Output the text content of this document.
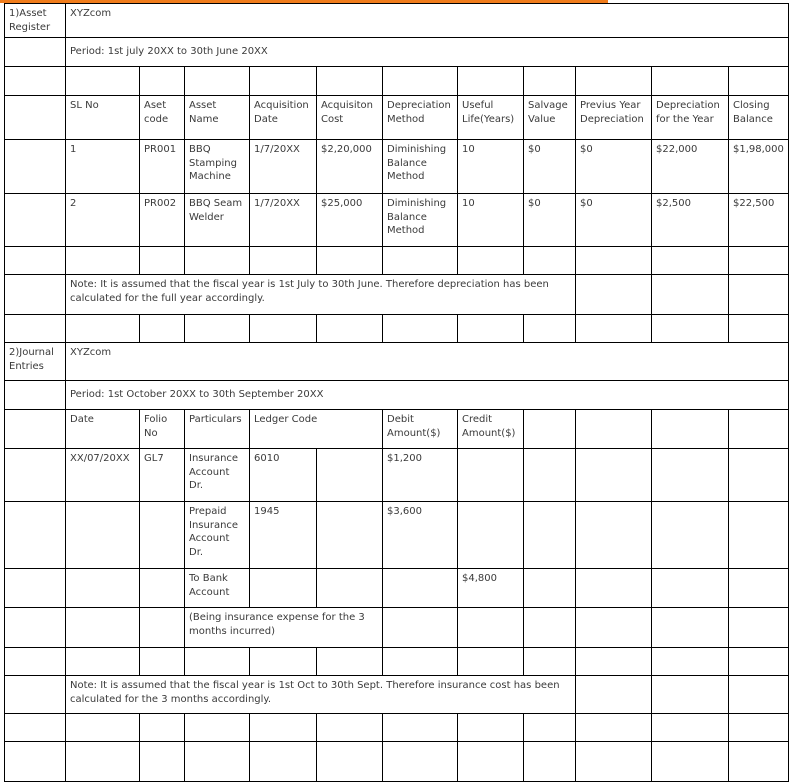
1)Asset
Register	XYZcom										
	Period: 1st july 20XX to 30th June 20XX										

	SL No	Aset code	Asset Name	Acquisition Date	Acquisiton Cost	Depreciation Method	Useful Life(Years)	Salvage Value	Previus Year Depreciation	Depreciation for the Year	Closing Balance
	1	PR001	BBQ Stamping Machine	1/7/20XX	$2,20,000	Diminishing Balance Method	10	$0	$0	$22,000	$1,98,000
	2	PR002	BBQ Seam Welder	1/7/20XX	$25,000	Diminishing Balance Method	10	$0	$0	$2,500	$22,500

	Note: It is assumed that the fiscal year is 1st July to 30th June. Therefore depreciation has been calculated for the full year accordingly.										

2)Journal
Entries	XYZcom										
	Period: 1st October 20XX to 30th September 20XX										
	Date	Folio No	Particulars	Ledger Code		Debit Amount($)	Credit Amount($)				
	XX/07/20XX	GL7	Insurance Account Dr.	6010		$1,200					
			Prepaid Insurance Account Dr.	1945		$3,600					
			To Bank Account				$4,800				
			(Being insurance expense for the 3 months incurred)								

	Note: It is assumed that the fiscal year is 1st Oct to 30th Sept. Therefore insurance cost has been calculated for the 3 months accordingly.										
